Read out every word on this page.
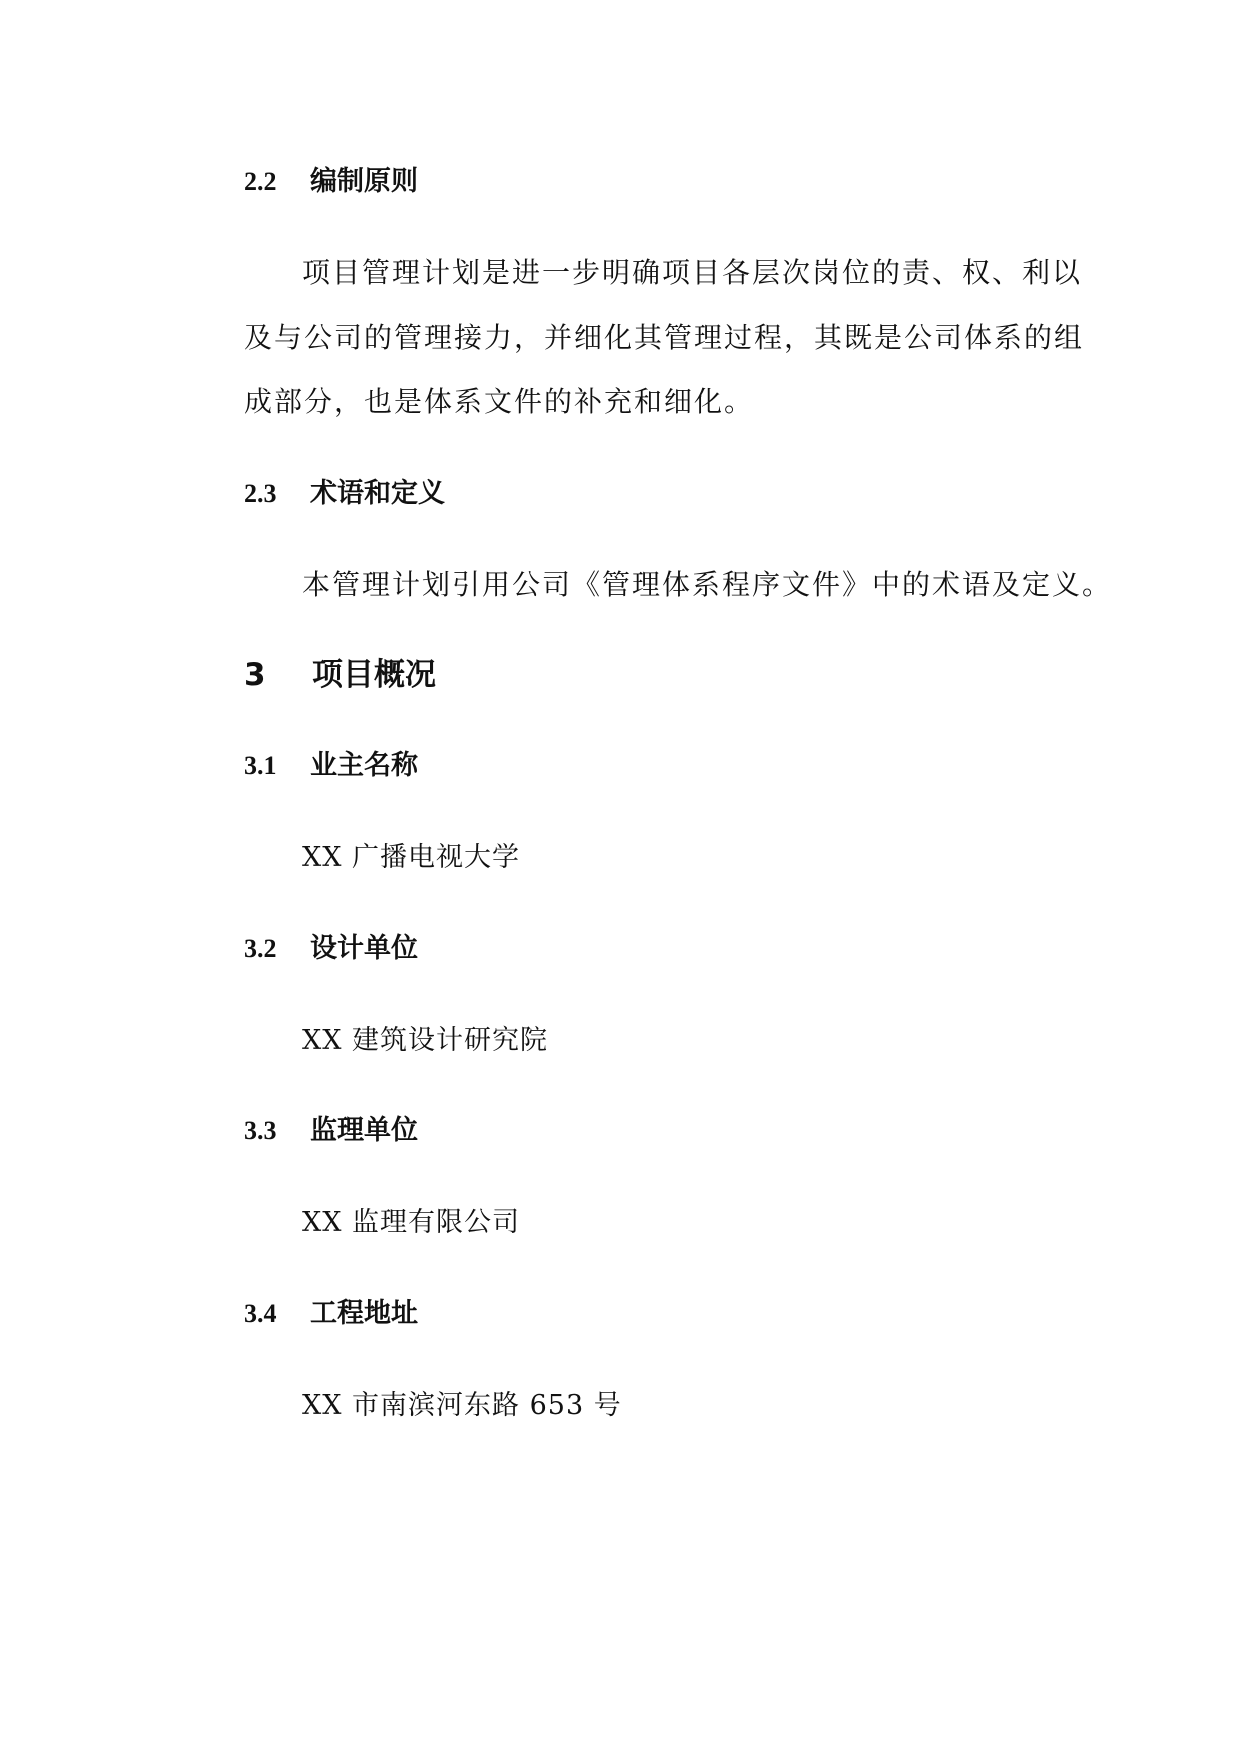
2.2 编制原则
项目管理计划是进一步明确项目各层次岗位的责、权、利以
及与公司的管理接力，并细化其管理过程，其既是公司体系的组
成部分，也是体系文件的补充和细化。
2.3 术语和定义
本管理计划引用公司《管理体系程序文件》中的术语及定义。
3 项目概况
3.1 业主名称
XX 广播电视大学
3.2 设计单位
XX 建筑设计研究院
3.3 监理单位
XX 监理有限公司
3.4 工程地址
XX 市南滨河东路 653 号
